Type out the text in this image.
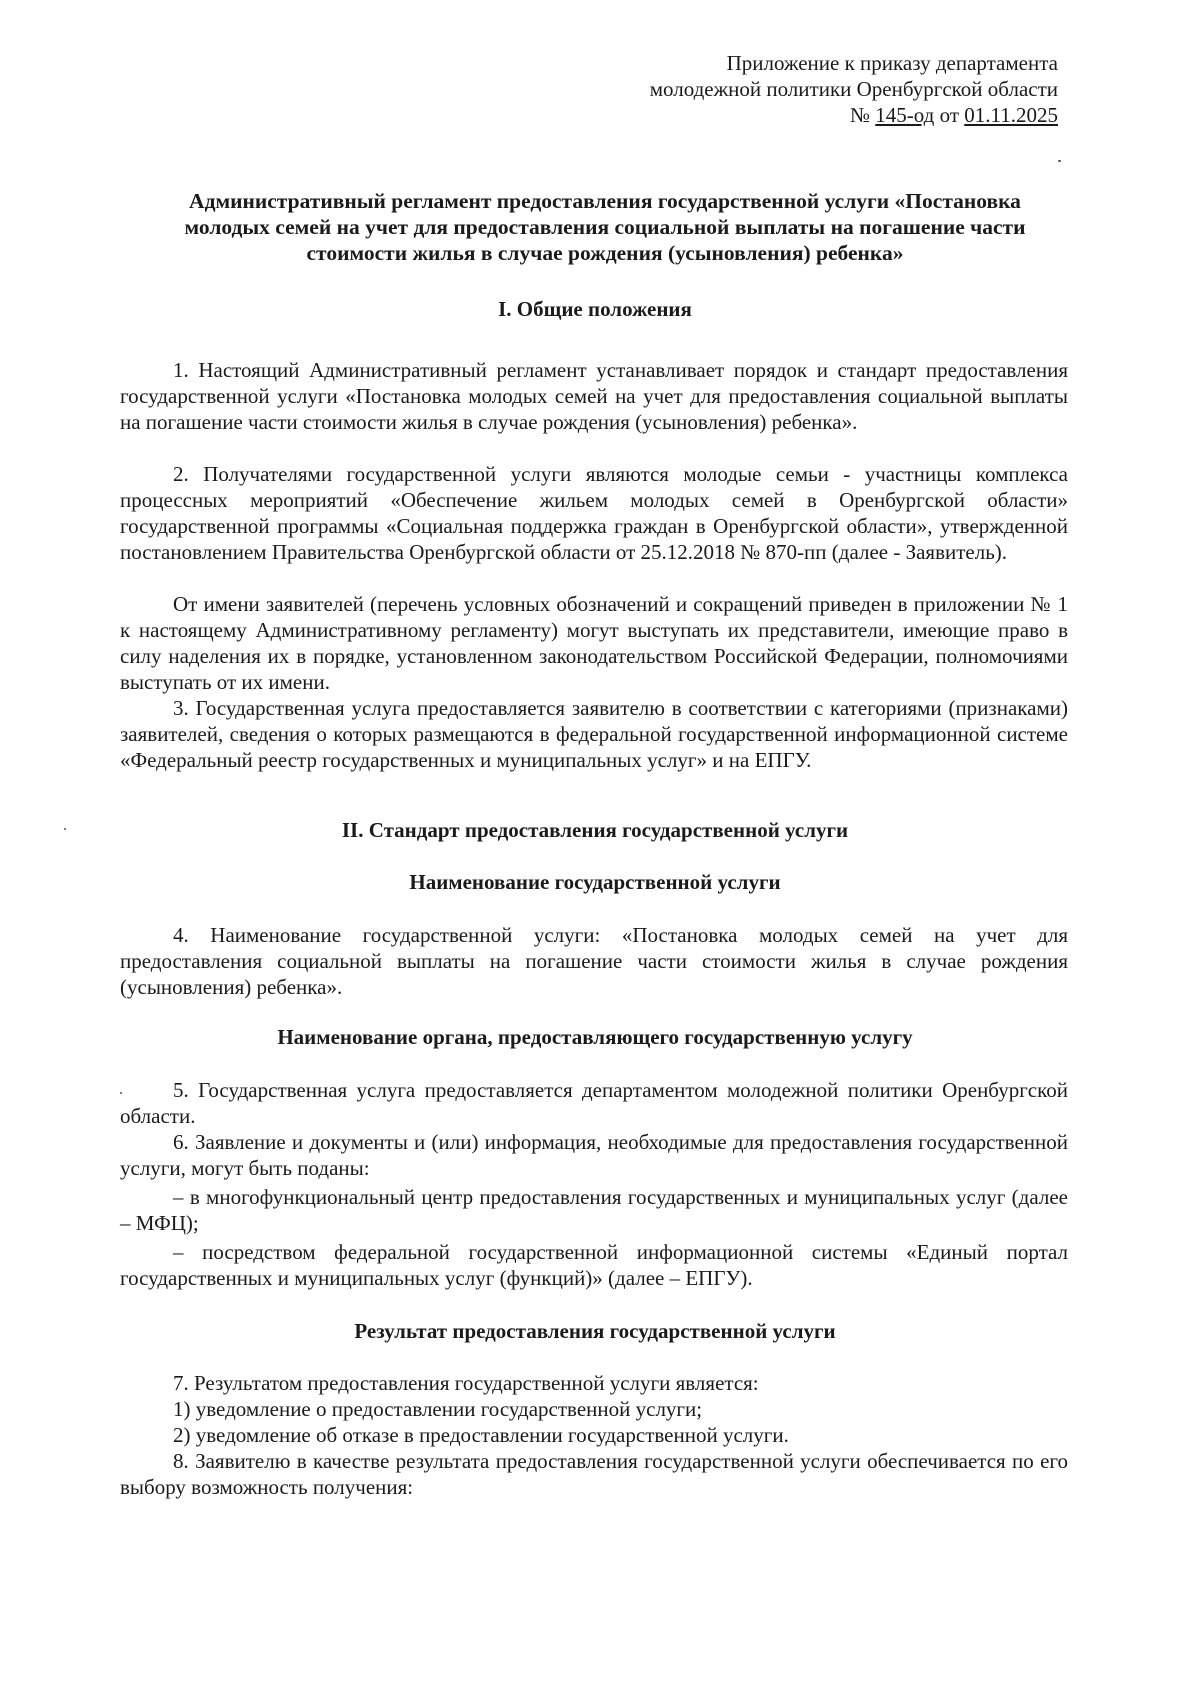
Приложение к приказу департамента
молодежной политики Оренбургской области
№ 145-од от 01.11.2025
Административный регламент предоставления государственной услуги «Постановка
молодых семей на учет для предоставления социальной выплаты на погашение части
стоимости жилья в случае рождения (усыновления) ребенка»
I. Общие положения
1. Настоящий Административный регламент устанавливает порядок и стандарт предоставления государственной услуги «Постановка молодых семей на учет для предоставления социальной выплаты на погашение части стоимости жилья в случае рождения (усыновления) ребенка».
2. Получателями государственной услуги являются молодые семьи - участницы комплекса процессных мероприятий «Обеспечение жильем молодых семей в Оренбургской области» государственной программы «Социальная поддержка граждан в Оренбургской области», утвержденной постановлением Правительства Оренбургской области от 25.12.2018 № 870-пп (далее - Заявитель).
От имени заявителей (перечень условных обозначений и сокращений приведен в приложении № 1 к настоящему Административному регламенту) могут выступать их представители, имеющие право в силу наделения их в порядке, установленном законодательством Российской Федерации, полномочиями выступать от их имени.
3. Государственная услуга предоставляется заявителю в соответствии с категориями (признаками) заявителей, сведения о которых размещаются в федеральной государственной информационной системе «Федеральный реестр государственных и муниципальных услуг» и на ЕПГУ.
II. Стандарт предоставления государственной услуги
Наименование государственной услуги
4. Наименование государственной услуги: «Постановка молодых семей на учет для предоставления социальной выплаты на погашение части стоимости жилья в случае рождения (усыновления) ребенка».
Наименование органа, предоставляющего государственную услугу
5. Государственная услуга предоставляется департаментом молодежной политики Оренбургской области.
6. Заявление и документы и (или) информация, необходимые для предоставления государственной услуги, могут быть поданы:
– в многофункциональный центр предоставления государственных и муниципальных услуг (далее – МФЦ);
– посредством федеральной государственной информационной системы «Единый портал государственных и муниципальных услуг (функций)» (далее – ЕПГУ).
Результат предоставления государственной услуги
7. Результатом предоставления государственной услуги является:
1) уведомление о предоставлении государственной услуги;
2) уведомление об отказе в предоставлении государственной услуги.
8. Заявителю в качестве результата предоставления государственной услуги обеспечивается по его выбору возможность получения:
